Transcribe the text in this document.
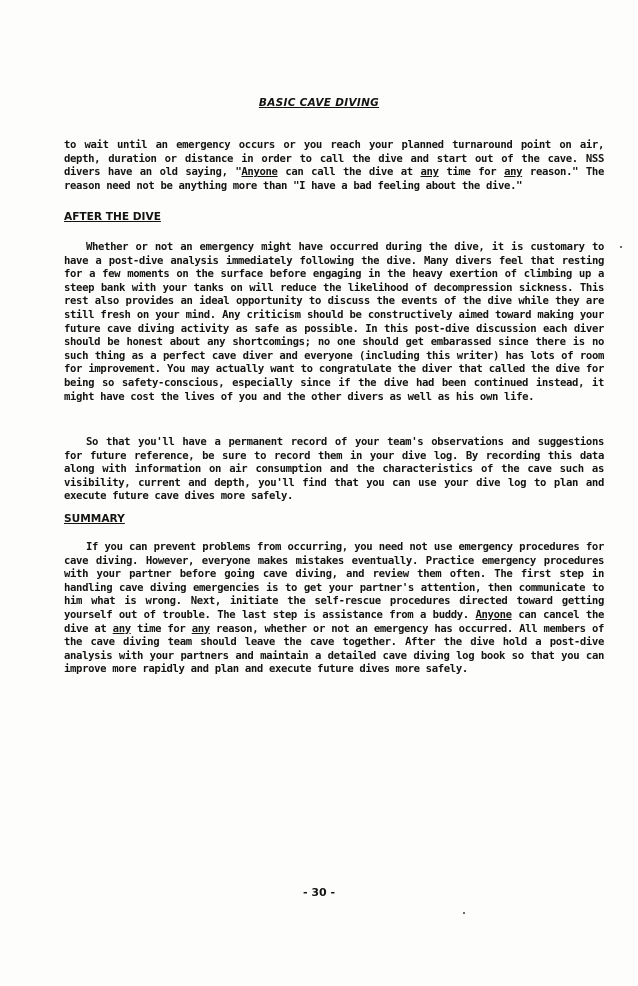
BASIC CAVE DIVING
to wait until an emergency occurs or you reach your planned turnaround point on air, depth, duration or distance in order to call the dive and start out of the cave. NSS divers have an old saying, "Anyone can call the dive at any time for any reason." The reason need not be anything more than "I have a bad feeling about the dive."
AFTER THE DIVE
Whether or not an emergency might have occurred during the dive, it is customary to have a post-dive analysis immediately following the dive. Many divers feel that resting for a few moments on the surface before engaging in the heavy exertion of climbing up a steep bank with your tanks on will reduce the likelihood of decompression sickness. This rest also provides an ideal opportunity to discuss the events of the dive while they are still fresh on your mind. Any criticism should be constructively aimed toward making your future cave diving activity as safe as possible. In this post-dive discussion each diver should be honest about any shortcomings; no one should get embarassed since there is no such thing as a perfect cave diver and everyone (including this writer) has lots of room for improvement. You may actually want to congratulate the diver that called the dive for being so safety-conscious, especially since if the dive had been continued instead, it might have cost the lives of you and the other divers as well as his own life.
So that you'll have a permanent record of your team's observations and suggestions for future reference, be sure to record them in your dive log. By recording this data along with information on air consumption and the characteristics of the cave such as visibility, current and depth, you'll find that you can use your dive log to plan and execute future cave dives more safely.
SUMMARY
If you can prevent problems from occurring, you need not use emergency procedures for cave diving. However, everyone makes mistakes eventually. Practice emergency procedures with your partner before going cave diving, and review them often. The first step in handling cave diving emergencies is to get your partner's attention, then communicate to him what is wrong. Next, initiate the self-rescue procedures directed toward getting yourself out of trouble. The last step is assistance from a buddy. Anyone can cancel the dive at any time for any reason, whether or not an emergency has occurred. All members of the cave diving team should leave the cave together. After the dive hold a post-dive analysis with your partners and maintain a detailed cave diving log book so that you can improve more rapidly and plan and execute future dives more safely.
- 30 -
